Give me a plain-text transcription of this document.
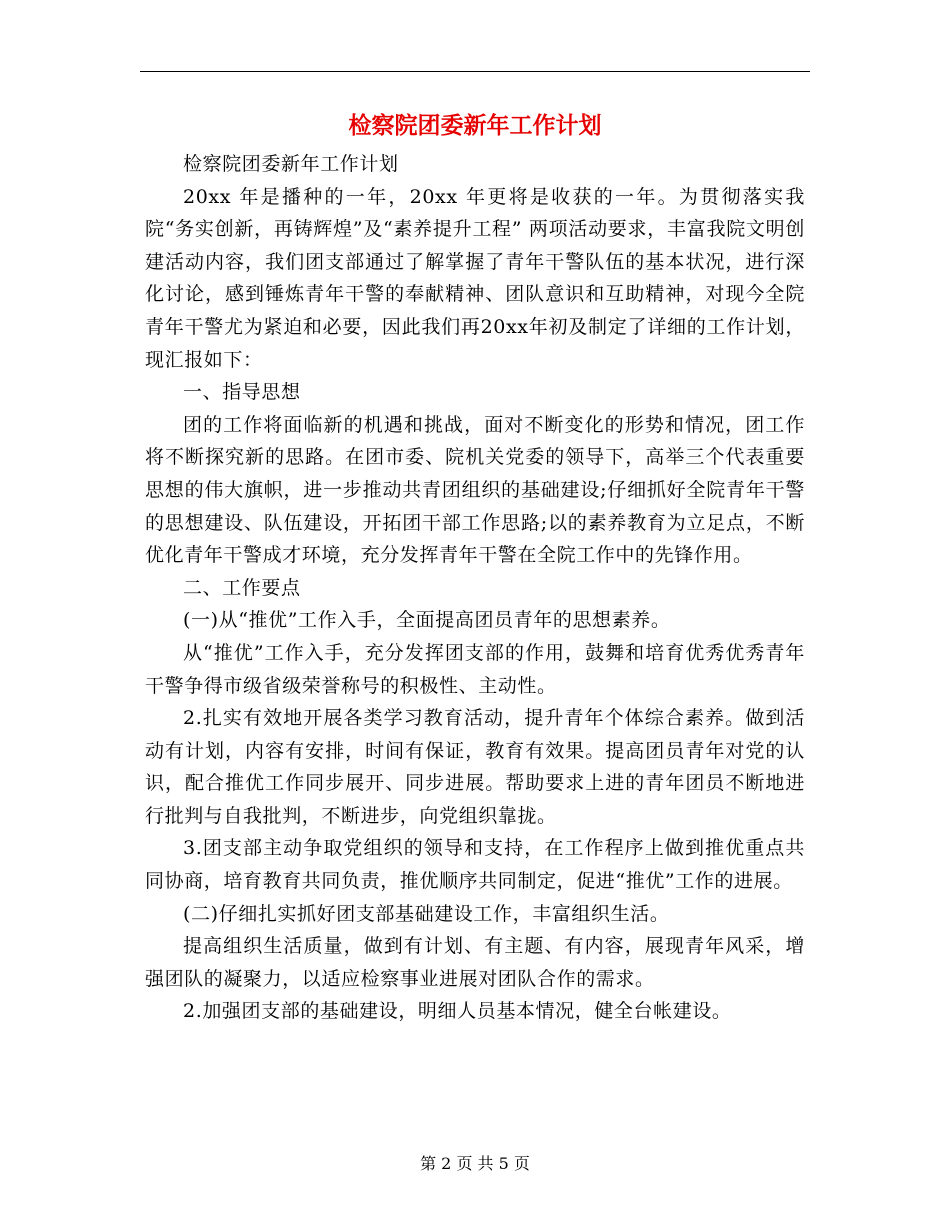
检察院团委新年工作计划

检察院团委新年工作计划

20xx 年是播种的一年，20xx 年更将是收获的一年。为贯彻落实我院“务实创新，再铸辉煌”及“素养提升工程” 两项活动要求，丰富我院文明创建活动内容，我们团支部通过了解掌握了青年干警队伍的基本状况，进行深化讨论，感到锤炼青年干警的奉献精神、团队意识和互助精神，对现今全院青年干警尤为紧迫和必要，因此我们再20xx年初及制定了详细的工作计划，现汇报如下：

一、指导思想

团的工作将面临新的机遇和挑战，面对不断变化的形势和情况，团工作将不断探究新的思路。在团市委、院机关党委的领导下，高举三个代表重要思想的伟大旗帜，进一步推动共青团组织的基础建设;仔细抓好全院青年干警的思想建设、队伍建设，开拓团干部工作思路;以的素养教育为立足点，不断优化青年干警成才环境，充分发挥青年干警在全院工作中的先锋作用。

二、工作要点

(一)从“推优”工作入手，全面提高团员青年的思想素养。

从“推优”工作入手，充分发挥团支部的作用，鼓舞和培育优秀优秀青年干警争得市级省级荣誉称号的积极性、主动性。

2.扎实有效地开展各类学习教育活动，提升青年个体综合素养。做到活动有计划，内容有安排，时间有保证，教育有效果。提高团员青年对党的认识，配合推优工作同步展开、同步进展。帮助要求上进的青年团员不断地进行批判与自我批判，不断进步，向党组织靠拢。

3.团支部主动争取党组织的领导和支持，在工作程序上做到推优重点共同协商，培育教育共同负责，推优顺序共同制定，促进“推优”工作的进展。

(二)仔细扎实抓好团支部基础建设工作，丰富组织生活。

提高组织生活质量，做到有计划、有主题、有内容，展现青年风采，增强团队的凝聚力，以适应检察事业进展对团队合作的需求。

2.加强团支部的基础建设，明细人员基本情况，健全台帐建设。

第 2 页 共 5 页
